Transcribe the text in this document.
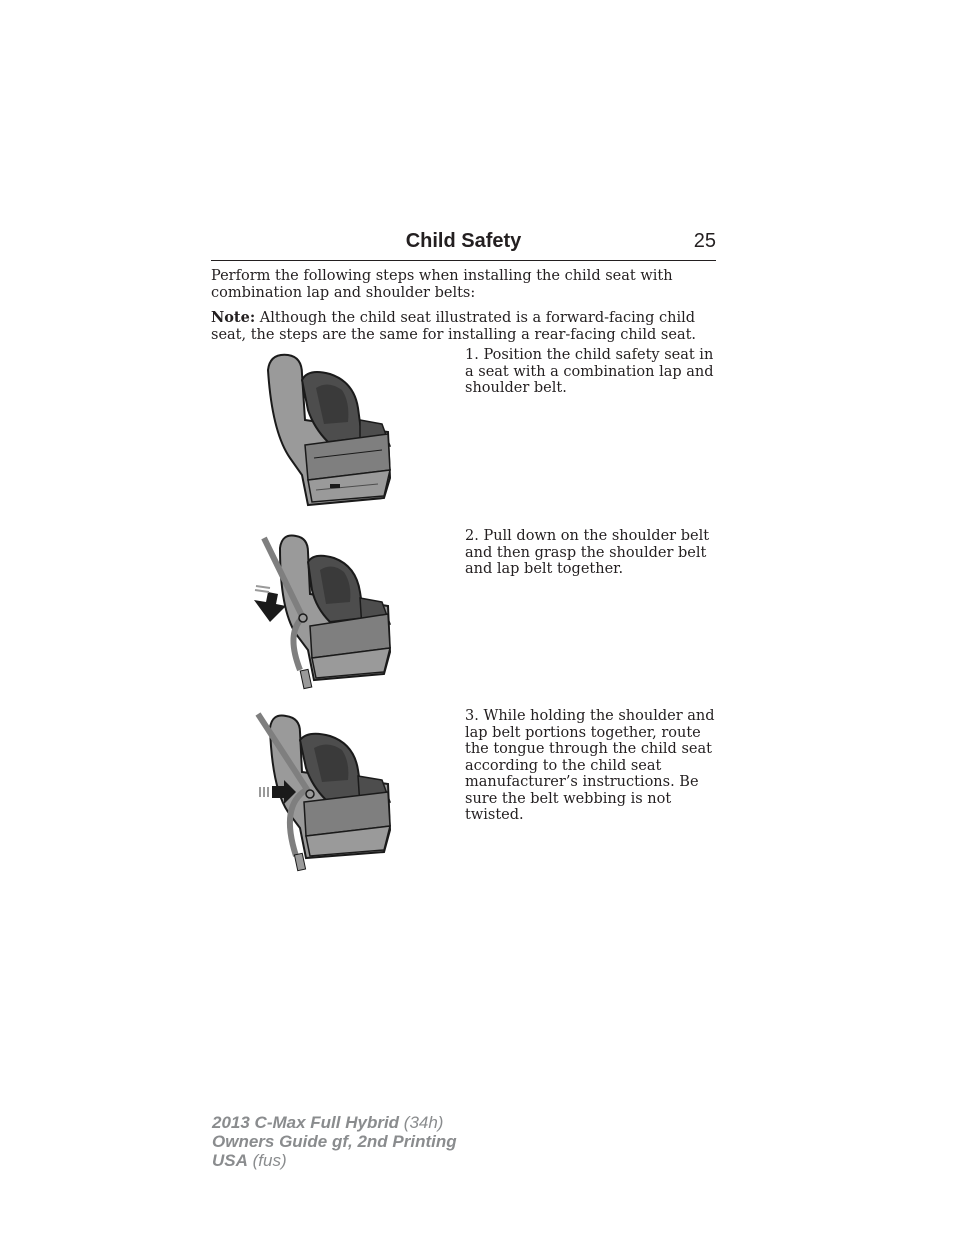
Child Safety	25

Perform the following steps when installing the child seat with combination lap and shoulder belts:

Note: Although the child seat illustrated is a forward-facing child seat, the steps are the same for installing a rear-facing child seat.

1. Position the child safety seat in a seat with a combination lap and shoulder belt.

2. Pull down on the shoulder belt and then grasp the shoulder belt and lap belt together.

3. While holding the shoulder and lap belt portions together, route the tongue through the child seat according to the child seat manufacturer’s instructions. Be sure the belt webbing is not twisted.

2013 C-Max Full Hybrid (34h)
Owners Guide gf, 2nd Printing
USA (fus)
